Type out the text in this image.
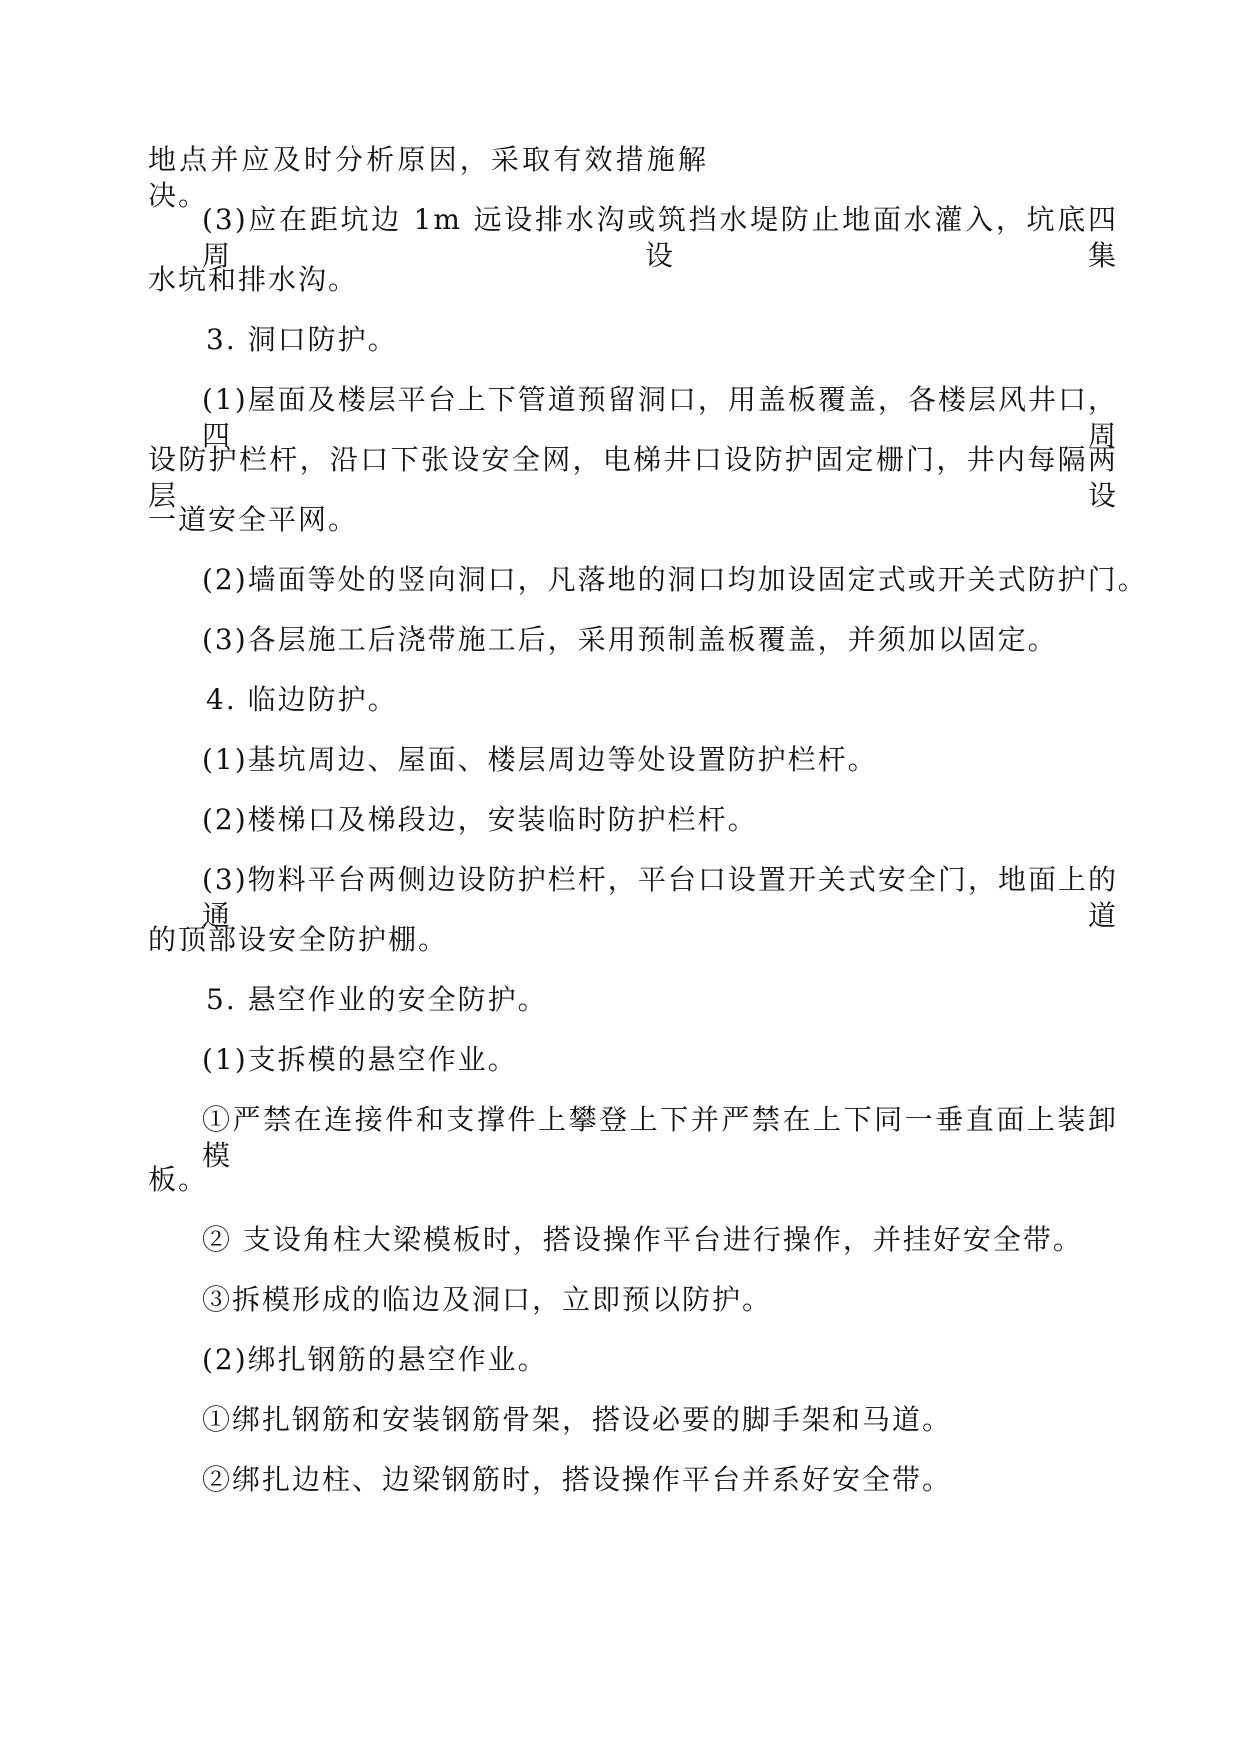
地点并应及时分析原因，采取有效措施解决。
(3)应在距坑边 1m 远设排水沟或筑挡水堤防止地面水灌入，坑底四周设集
水坑和排水沟。
3. 洞口防护。
(1)屋面及楼层平台上下管道预留洞口，用盖板覆盖，各楼层风井口，四周
设防护栏杆，沿口下张设安全网，电梯井口设防护固定栅门，井内每隔两层设
一道安全平网。
(2)墙面等处的竖向洞口，凡落地的洞口均加设固定式或开关式防护门。
(3)各层施工后浇带施工后，采用预制盖板覆盖，并须加以固定。
4. 临边防护。
(1)基坑周边、屋面、楼层周边等处设置防护栏杆。
(2)楼梯口及梯段边，安装临时防护栏杆。
(3)物料平台两侧边设防护栏杆，平台口设置开关式安全门，地面上的通道
的顶部设安全防护棚。
5. 悬空作业的安全防护。
(1)支拆模的悬空作业。
①严禁在连接件和支撑件上攀登上下并严禁在上下同一垂直面上装卸模
板。
② 支设角柱大梁模板时，搭设操作平台进行操作，并挂好安全带。
③拆模形成的临边及洞口，立即预以防护。
(2)绑扎钢筋的悬空作业。
①绑扎钢筋和安装钢筋骨架，搭设必要的脚手架和马道。
②绑扎边柱、边梁钢筋时，搭设操作平台并系好安全带。
